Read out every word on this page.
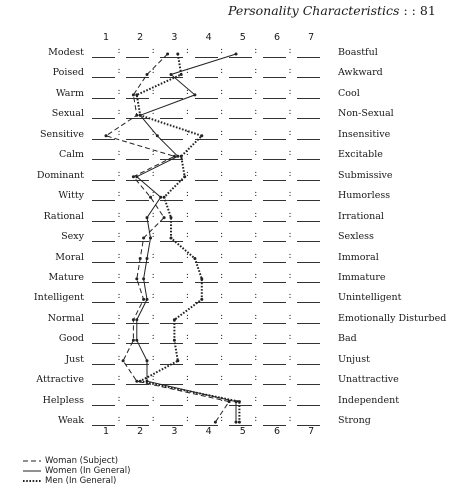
Personality Characteristics : : 81
1	2	3	4	5	6	7
Modest	:	:	:	:	:	:	Boastful
Poised	:	:	:	:	:	:	Awkward
Warm	:	:	:	:	:	:	Cool
Sexual	:	:	:	:	:	:	Non-Sexual
Sensitive	:	:	:	:	:	:	Insensitive
Calm	:	:	:	:	:	:	Excitable
Dominant	:	:	:	:	:	:	Submissive
Witty	:	:	:	:	:	:	Humorless
Rational	:	:	:	:	:	:	Irrational
Sexy	:	:	:	:	:	:	Sexless
Moral	:	:	:	:	:	:	Immoral
Mature	:	:	:	:	:	:	Immature
Intelligent	:	:	:	:	:	:	Unintelligent
Normal	:	:	:	:	:	:	Emotionally Disturbed
Good	:	:	:	:	:	:	Bad
Just	:	:	:	:	:	:	Unjust
Attractive	:	:	:	:	:	:	Unattractive
Helpless	:	:	:	:	:	:	Independent
Weak	:	:	:	:	:	:	Strong
1	2	3	4	5	6	7
Woman (Subject)
Women (In General)
Men (In General)
